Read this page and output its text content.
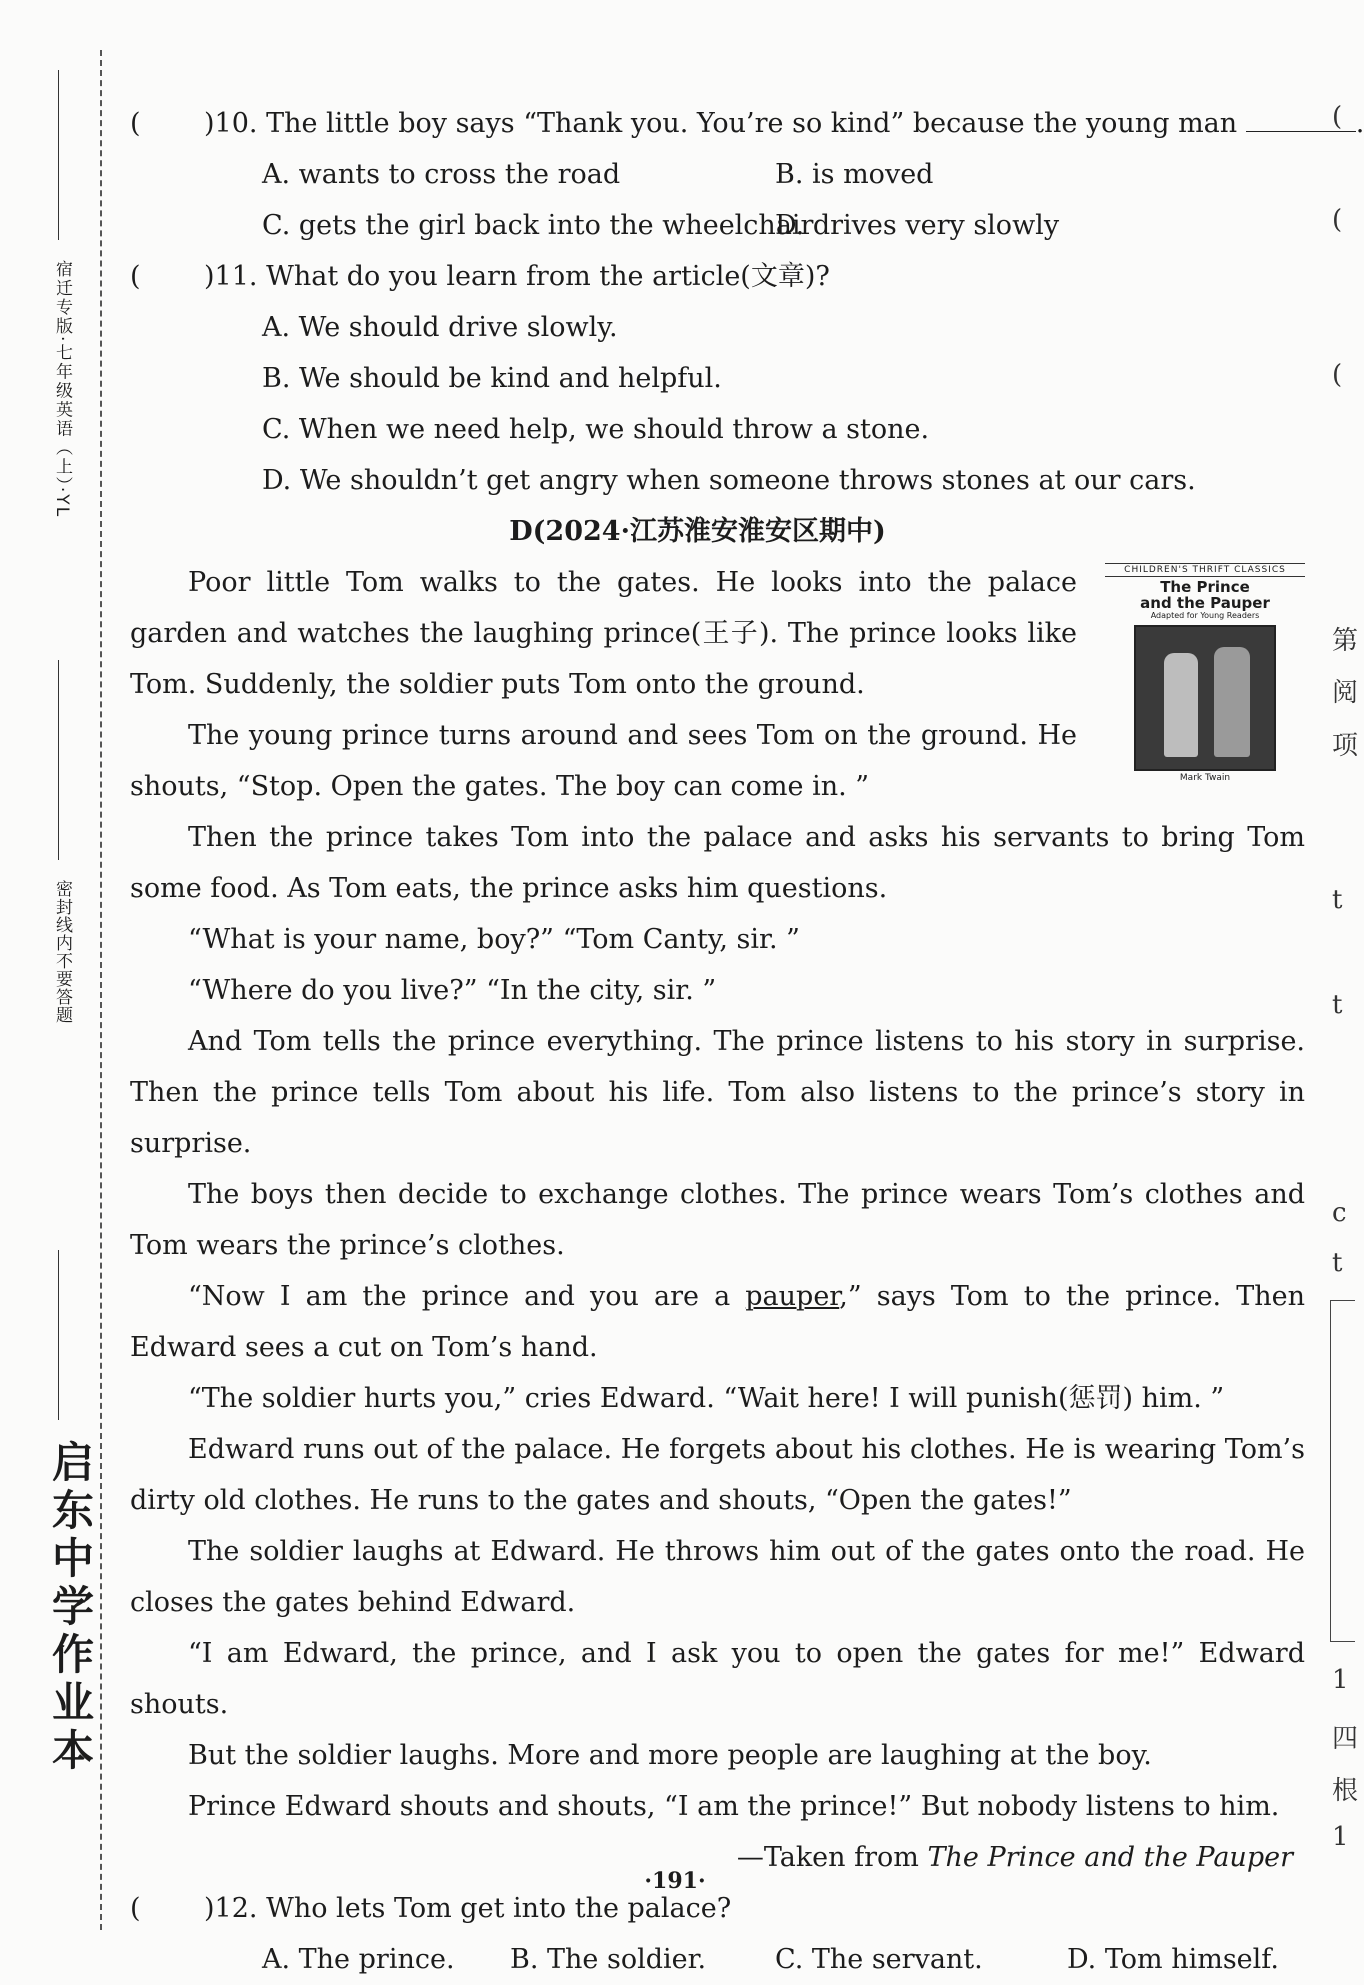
宿迁专版·七年级英语（上）·YL
密封线内不要答题
启东中学作业本
(
(
(
第
阅
项
t
t
c
t
1
四
根
1
( )10. The little boy says “Thank you. You’re so kind” because the young man	.
A. wants to cross the road	B. is moved
C. gets the girl back into the wheelchair
D. drives very slowly
( )11. What do you learn from the article(文章)?
A. We should drive slowly.
B. We should be kind and helpful.
C. When we need help, we should throw a stone.
D. We shouldn’t get angry when someone throws stones at our cars.
D(2024·江苏淮安淮安区期中)
CHILDREN'S THRIFT CLASSICS
The Prince
and the Pauper
Adapted for Young Readers
Mark Twain
Poor little Tom walks to the gates. He looks into the palace garden and watches the laughing prince(王子). The prince looks like Tom. Suddenly, the soldier puts Tom onto the ground.
The young prince turns around and sees Tom on the ground. He shouts, “Stop. Open the gates. The boy can come in. ”
Then the prince takes Tom into the palace and asks his servants to bring Tom some food. As Tom eats, the prince asks him questions.
“What is your name, boy?” “Tom Canty, sir. ”
“Where do you live?” “In the city, sir. ”
And Tom tells the prince everything. The prince listens to his story in surprise. Then the prince tells Tom about his life. Tom also listens to the prince’s story in surprise.
The boys then decide to exchange clothes. The prince wears Tom’s clothes and Tom wears the prince’s clothes.
“Now I am the prince and you are a pauper,” says Tom to the prince. Then Edward sees a cut on Tom’s hand.
“The soldier hurts you,” cries Edward. “Wait here! I will punish(惩罚) him. ”
Edward runs out of the palace. He forgets about his clothes. He is wearing Tom’s dirty old clothes. He runs to the gates and shouts, “Open the gates!”
The soldier laughs at Edward. He throws him out of the gates onto the road. He closes the gates behind Edward.
“I am Edward, the prince, and I ask you to open the gates for me!” Edward shouts.
But the soldier laughs. More and more people are laughing at the boy.
Prince Edward shouts and shouts, “I am the prince!” But nobody listens to him.
—Taken from The Prince and the Pauper
( )12. Who lets Tom get into the palace?
A. The prince. B. The soldier.	C. The servant.	D. Tom himself.
·191·
